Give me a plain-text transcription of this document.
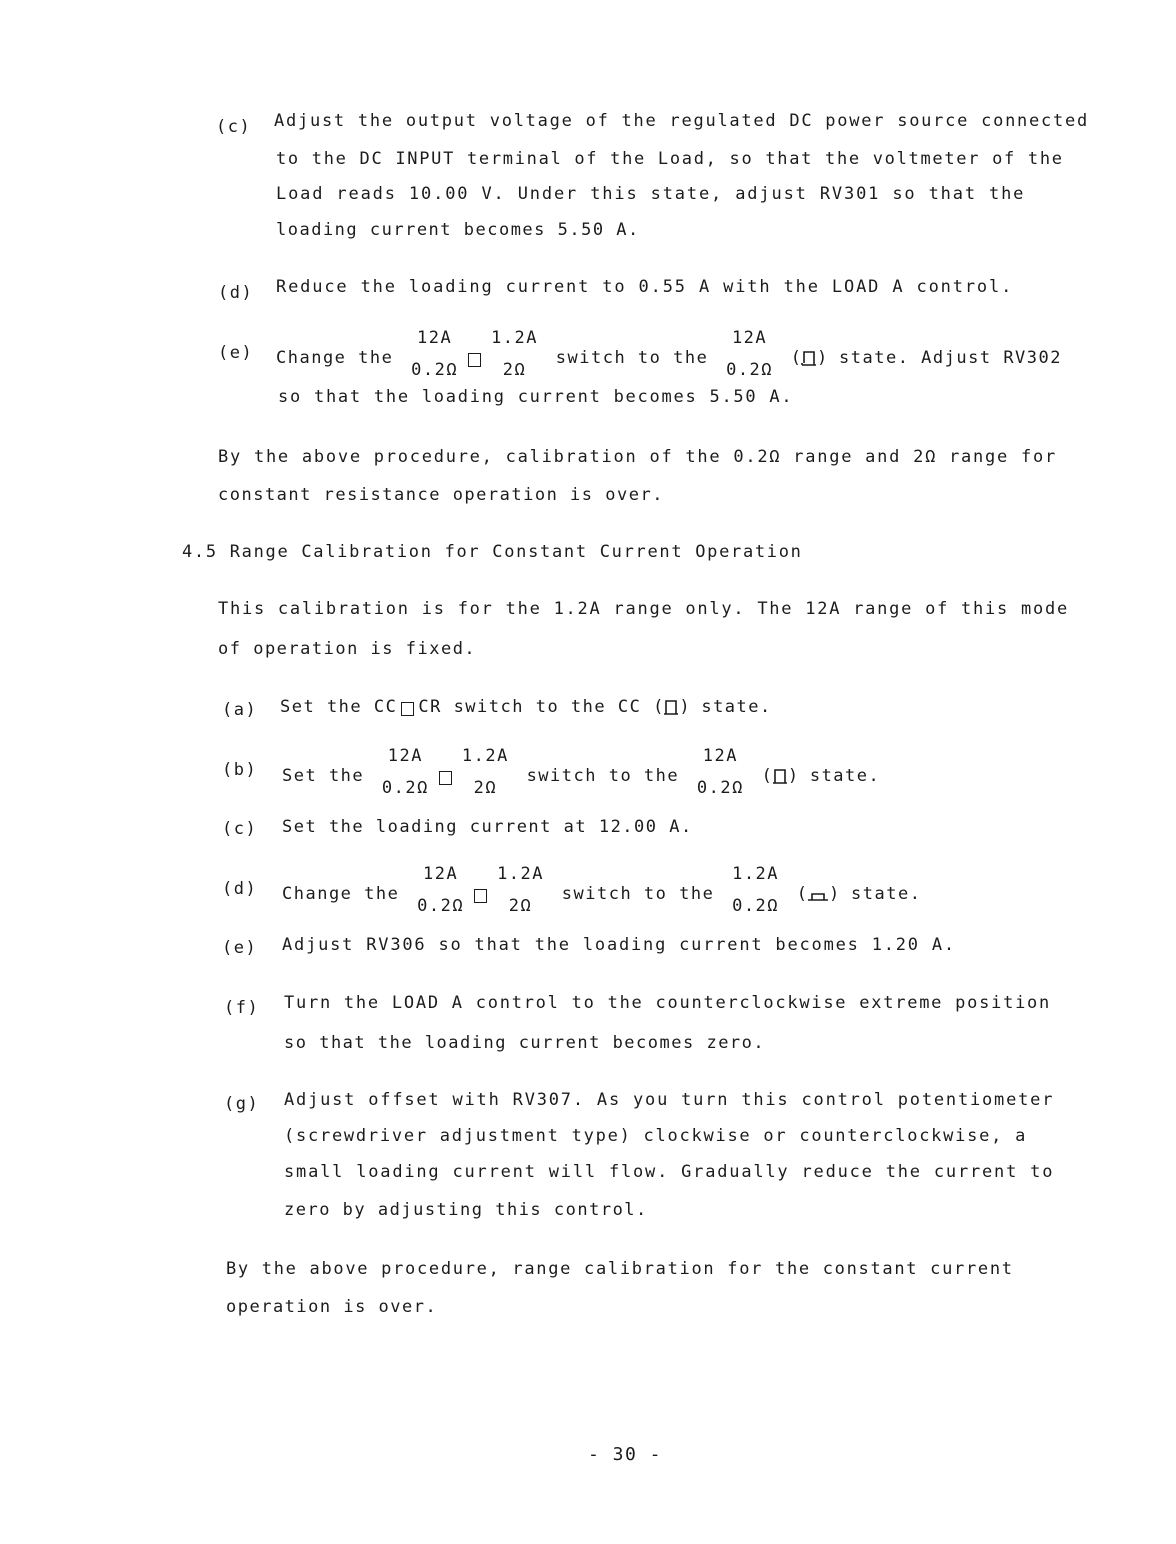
(c) Adjust the output voltage of the regulated DC power source connected
to the DC INPUT terminal of the Load, so that the voltmeter of the
Load reads 10.00 V. Under this state, adjust RV301 so that the
loading current becomes 5.50 A.
(d) Reduce the loading current to 0.55 A with the LOAD A control.
(e) Change the
12A
0.2Ω
1.2A
2Ω
switch to the
12A
0.2Ω
( ) state. Adjust RV302
so that the loading current becomes 5.50 A.
By the above procedure, calibration of the 0.2Ω range and 2Ω range for
constant resistance operation is over.
4.5 Range Calibration for Constant Current Operation
This calibration is for the 1.2A range only. The 12A range of this mode
of operation is fixed.
(a) Set the CC CR switch to the CC ( ) state.
(b) Set the
12A
0.2Ω
1.2A
2Ω
switch to the
12A
0.2Ω
( ) state.
(c) Set the loading current at 12.00 A.
(d) Change the
12A
0.2Ω
1.2A
2Ω
switch to the
1.2A
0.2Ω
( ) state.
(e) Adjust RV306 so that the loading current becomes 1.20 A.
(f) Turn the LOAD A control to the counterclockwise extreme position
so that the loading current becomes zero.
(g) Adjust offset with RV307. As you turn this control potentiometer
(screwdriver adjustment type) clockwise or counterclockwise, a
small loading current will flow. Gradually reduce the current to
zero by adjusting this control.
By the above procedure, range calibration for the constant current
operation is over.
- 30 -
